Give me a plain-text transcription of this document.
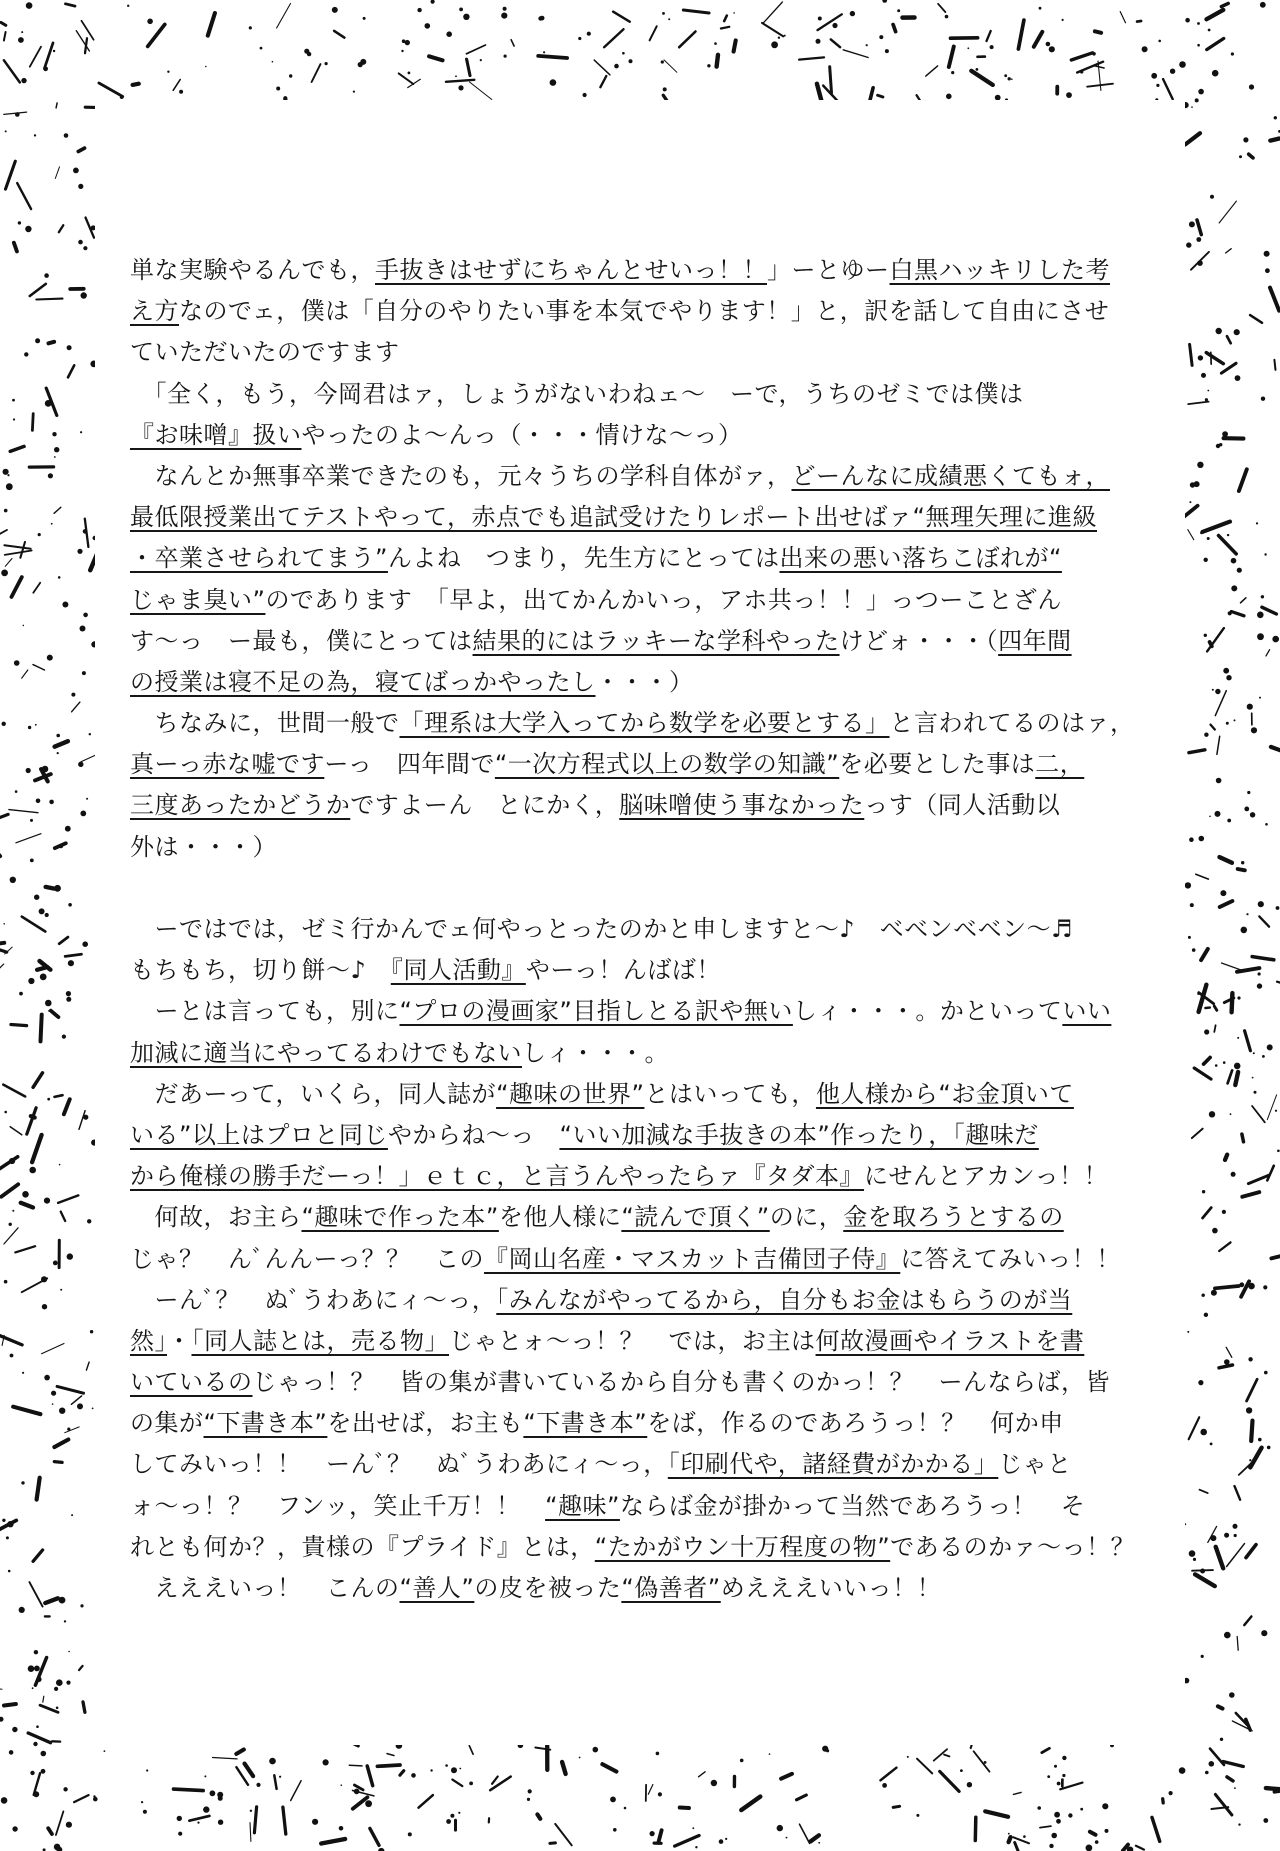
単な実験やるんでも，手抜きはせずにちゃんとせいっ！！」ーとゆー白黒ハッキリした考
え方なのでェ，僕は「自分のやりたい事を本気でやります！」と，訳を話して自由にさせ
ていただいたのですます
　「全く，もう，今岡君はァ，しょうがないわねェ～　ーで，うちのゼミでは僕は
『お味噌』扱いやったのよ～んっ（・・・情けな～っ）
　なんとか無事卒業できたのも，元々うちの学科自体がァ，どーんなに成績悪くてもォ，
最低限授業出てテストやって，赤点でも追試受けたりレポート出せばァ“無理矢理に進級
・卒業させられてまう”んよね　つまり，先生方にとっては出来の悪い落ちこぼれが“
じゃま臭い”のであります　「早よ，出てかんかいっ，アホ共っ！！」っつーことざん
す～っ　ー最も，僕にとっては結果的にはラッキーな学科やったけどォ・・・（四年間
の授業は寝不足の為，寝てばっかやったし・・・）
　ちなみに，世間一般で「理系は大学入ってから数学を必要とする」と言われてるのはァ，
真ーっ赤な嘘ですーっ　四年間で“一次方程式以上の数学の知識”を必要とした事は二，
三度あったかどうかですよーん　とにかく，脳味噌使う事なかったっす（同人活動以
外は・・・）
　ーではでは，ゼミ行かんでェ何やっとったのかと申しますと～♪　ベベンベベン～♬
もちもち，切り餅～♪　『同人活動』やーっ！んばば！
　ーとは言っても，別に“プロの漫画家”目指しとる訳や無いしィ・・・。かといっていい
加減に適当にやってるわけでもないしィ・・・。
　だあーって，いくら，同人誌が“趣味の世界”とはいっても，他人様から“お金頂いて
いる”以上はプロと同じやからね～っ　“いい加減な手抜きの本”作ったり，「趣味だ
から俺様の勝手だーっ！」ｅｔｃ，と言うんやったらァ『タダ本』にせんとアカンっ！！
　何故，お主ら“趣味で作った本”を他人様に“読んで頂く”のに，金を取ろうとするの
じゃ？　んﾞんんーっ？？　この『岡山名産・マスカット吉備団子侍』に答えてみいっ！！
　ーんﾞ？　ぬﾞうわあにィ～っ，「みんながやってるから，自分もお金はもらうのが当
然」・「同人誌とは，売る物」じゃとォ～っ！？　では，お主は何故漫画やイラストを書
いているのじゃっ！？　皆の集が書いているから自分も書くのかっ！？　ーんならば，皆
の集が“下書き本”を出せば，お主も“下書き本”をば，作るのであろうっ！？　何か申
してみいっ！！　ーんﾞ？　ぬﾞうわあにィ～っ，「印刷代や，諸経費がかかる」じゃと
ォ～っ！？　フンッ，笑止千万！！　“趣味”ならば金が掛かって当然であろうっ！　そ
れとも何か？，貴様の『プライド』とは，“たかがウン十万程度の物”であるのかァ～っ！？
　えええいっ！　こんの“善人”の皮を被った“偽善者”めえええいいっ！！
